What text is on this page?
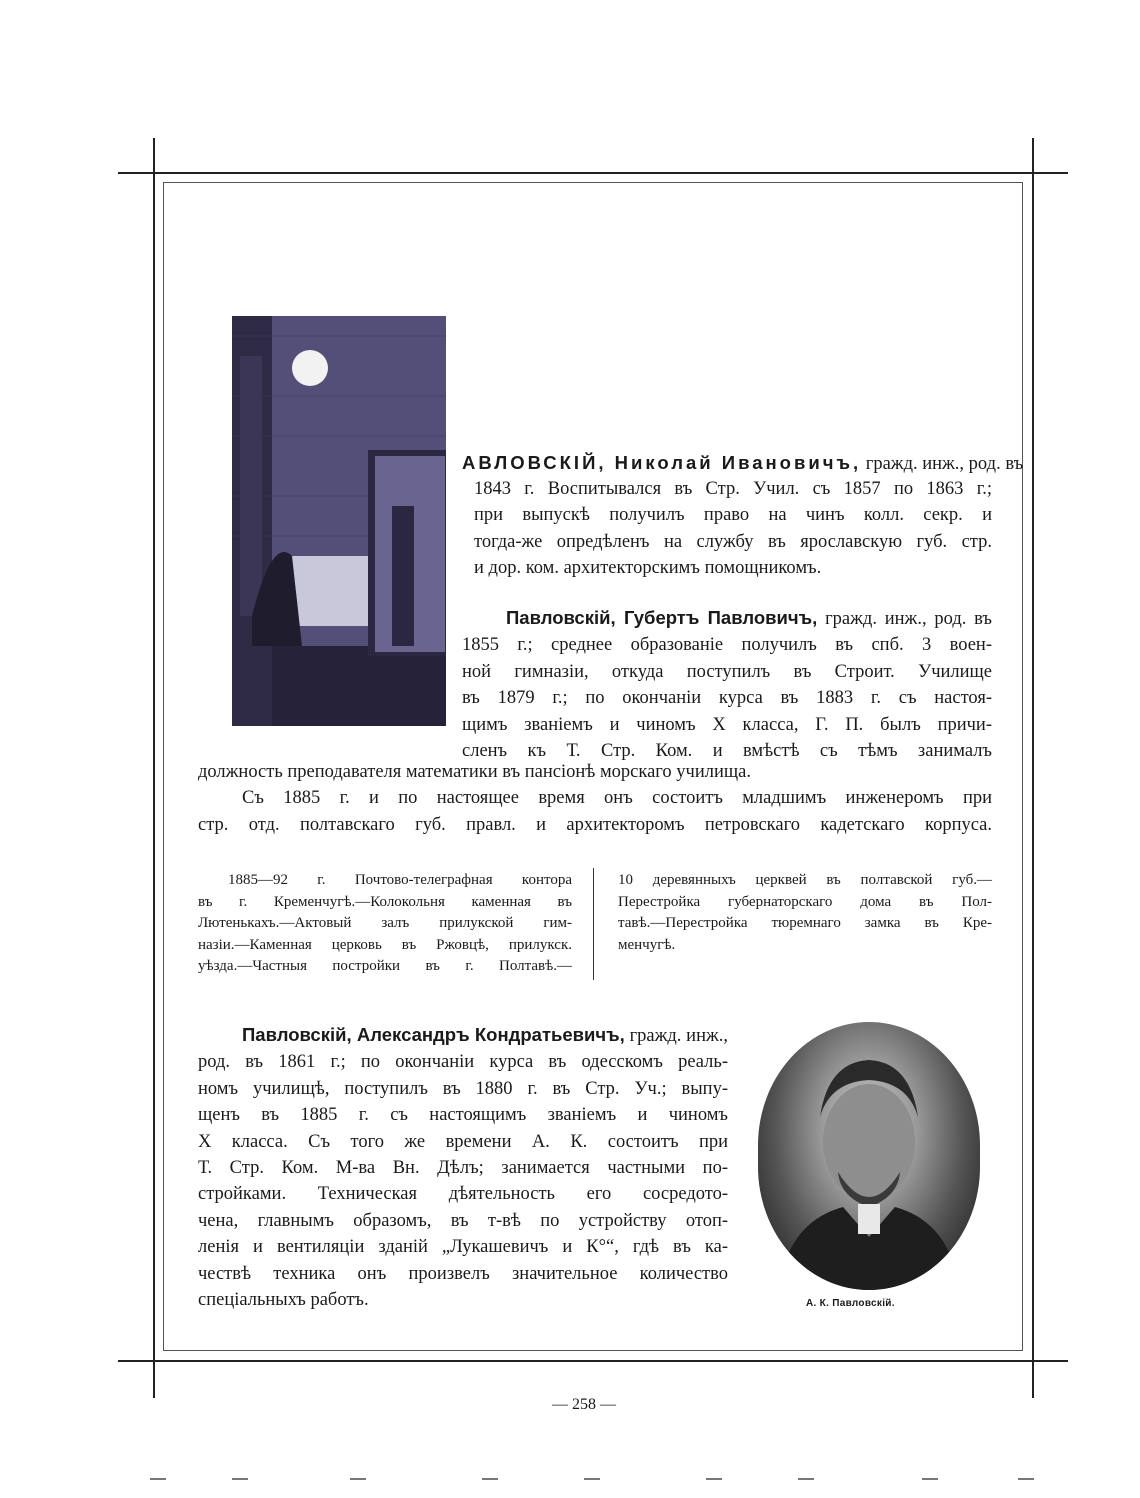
АВЛОВСКІЙ, Николай Ивановичъ, гражд. инж., род. въ
1843 г. Воспитывался въ Стр. Учил. съ 1857 по 1863 г.;
при выпускѣ получилъ право на чинъ колл. секр. и
тогда-же опредѣленъ на службу въ ярославскую губ. стр.
и дор. ком. архитекторскимъ помощникомъ.
Павловскій, Губертъ Павловичъ, гражд. инж., род. въ
1855 г.; среднее образованіе получилъ въ спб. 3 воен-
ной гимназіи, откуда поступилъ въ Строит. Училище
въ 1879 г.; по окончаніи курса въ 1883 г. съ настоя-
щимъ званіемъ и чиномъ X класса, Г. П. былъ причи-
сленъ къ Т. Стр. Ком. и вмѣстѣ съ тѣмъ занималъ
должность преподавателя математики въ пансіонѣ морскаго училища.
Съ 1885 г. и по настоящее время онъ состоитъ младшимъ инженеромъ при
стр. отд. полтавскаго губ. правл. и архитекторомъ петровскаго кадетскаго корпуса.
1885—92 г. Почтово-телеграфная контора
въ г. Кременчугѣ.—Колокольня каменная въ
Лютенькахъ.—Актовый залъ прилукской гим-
назіи.—Каменная церковь въ Ржовцѣ, прилукск.
уѣзда.—Частныя постройки въ г. Полтавѣ.—
10 деревянныхъ церквей въ полтавской губ.—
Перестройка губернаторскаго дома въ Пол-
тавѣ.—Перестройка тюремнаго замка въ Кре-
менчугѣ.
Павловскій, Александръ Кондратьевичъ, гражд. инж.,
род. въ 1861 г.; по окончаніи курса въ одесскомъ реаль-
номъ училищѣ, поступилъ въ 1880 г. въ Стр. Уч.; выпу-
щенъ въ 1885 г. съ настоящимъ званіемъ и чиномъ
X класса. Съ того же времени А. К. состоитъ при
Т. Стр. Ком. М-ва Вн. Дѣлъ; занимается частными по-
стройками. Техническая дѣятельность его сосредото-
чена, главнымъ образомъ, въ т-вѣ по устройству отоп-
ленія и вентиляціи зданій „Лукашевичъ и К°“, гдѣ въ ка-
чествѣ техника онъ произвелъ значительное количество
спеціальныхъ работъ.	А. К. Павловскій.
— 258 —
